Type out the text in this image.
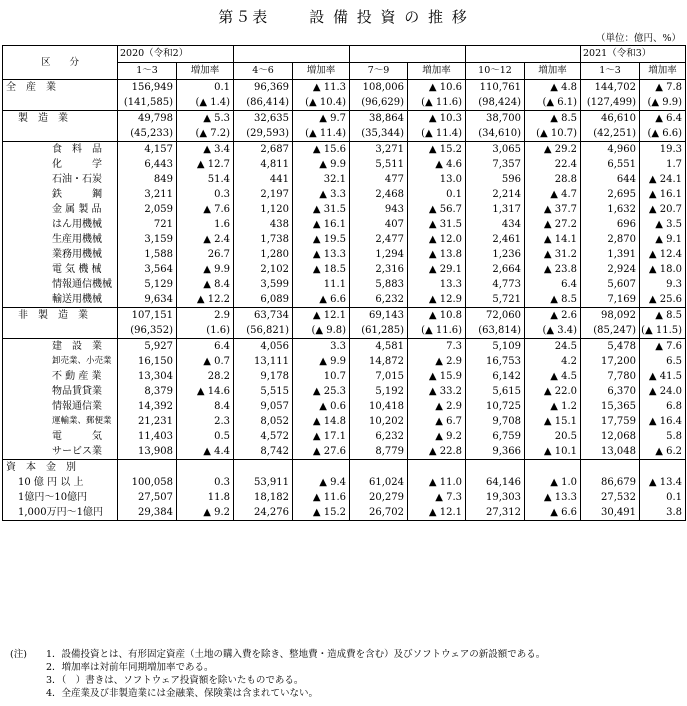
第５表	設 備 投 資 の 推 移
（単位：億円、%）
区　　分	2020（令和2）								2021（令和3）	
	1～3	増加率	4～6	増加率	7～9	増加率	10～12	増加率	1～3	増加率
全　産　業	156,949	0.1	96,369	▲ 11.3	108,006	▲ 10.6	110,761	▲ 4.8	144,702	▲ 7.8
	(141,585)	(▲ 1.4)	(86,414)	(▲ 10.4)	(96,629)	(▲ 11.6)	(98,424)	(▲ 6.1)	(127,499)	(▲ 9.9)
製　造　業	49,798	▲ 5.3	32,635	▲ 9.7	38,864	▲ 10.3	38,700	▲ 8.5	46,610	▲ 6.4
	(45,233)	(▲ 7.2)	(29,593)	(▲ 11.4)	(35,344)	(▲ 11.4)	(34,610)	(▲ 10.7)	(42,251)	(▲ 6.6)
食　料　品	4,157	▲ 3.4	2,687	▲ 15.6	3,271	▲ 15.2	3,065	▲ 29.2	4,960	19.3
化　　　学	6,443	▲ 12.7	4,811	▲ 9.9	5,511	▲ 4.6	7,357	22.4	6,551	1.7
石油・石炭	849	51.4	441	32.1	477	13.0	596	28.8	644	▲ 24.1
鉄　　　鋼	3,211	0.3	2,197	▲ 3.3	2,468	0.1	2,214	▲ 4.7	2,695	▲ 16.1
金 属 製 品	2,059	▲ 7.6	1,120	▲ 31.5	943	▲ 56.7	1,317	▲ 37.7	1,632	▲ 20.7
はん用機械	721	1.6	438	▲ 16.1	407	▲ 31.5	434	▲ 27.2	696	▲ 3.5
生産用機械	3,159	▲ 2.4	1,738	▲ 19.5	2,477	▲ 12.0	2,461	▲ 14.1	2,870	▲ 9.1
業務用機械	1,588	26.7	1,280	▲ 13.3	1,294	▲ 13.8	1,236	▲ 31.2	1,391	▲ 12.4
電 気 機 械	3,564	▲ 9.9	2,102	▲ 18.5	2,316	▲ 29.1	2,664	▲ 23.8	2,924	▲ 18.0
情報通信機械	5,129	▲ 8.4	3,599	11.1	5,883	13.3	4,773	6.4	5,607	9.3
輸送用機械	9,634	▲ 12.2	6,089	▲ 6.6	6,232	▲ 12.9	5,721	▲ 8.5	7,169	▲ 25.6
非　製　造　業	107,151	2.9	63,734	▲ 12.1	69,143	▲ 10.8	72,060	▲ 2.6	98,092	▲ 8.5
	(96,352)	(1.6)	(56,821)	(▲ 9.8)	(61,285)	(▲ 11.6)	(63,814)	(▲ 3.4)	(85,247)	(▲ 11.5)
建　設　業	5,927	6.4	4,056	3.3	4,581	7.3	5,109	24.5	5,478	▲ 7.6
卸売業、小売業	16,150	▲ 0.7	13,111	▲ 9.9	14,872	▲ 2.9	16,753	4.2	17,200	6.5
不 動 産 業	13,304	28.2	9,178	10.7	7,015	▲ 15.9	6,142	▲ 4.5	7,780	▲ 41.5
物品賃貸業	8,379	▲ 14.6	5,515	▲ 25.3	5,192	▲ 33.2	5,615	▲ 22.0	6,370	▲ 24.0
情報通信業	14,392	8.4	9,057	▲ 0.6	10,418	▲ 2.9	10,725	▲ 1.2	15,365	6.8
運輸業、郵便業	21,231	2.3	8,052	▲ 14.8	10,202	▲ 6.7	9,708	▲ 15.1	17,759	▲ 16.4
電　　　気	11,403	0.5	4,572	▲ 17.1	6,232	▲ 9.2	6,759	20.5	12,068	5.8
サービス業	13,908	▲ 4.4	8,742	▲ 27.6	8,779	▲ 22.8	9,366	▲ 10.1	13,048	▲ 6.2
資　本　金　別										
10 億 円 以 上	100,058	0.3	53,911	▲ 9.4	61,024	▲ 11.0	64,146	▲ 1.0	86,679	▲ 13.4
1億円～10億円	27,507	11.8	18,182	▲ 11.6	20,279	▲ 7.3	19,303	▲ 13.3	27,532	0.1
1,000万円～1億円	29,384	▲ 9.2	24,276	▲ 15.2	26,702	▲ 12.1	27,312	▲ 6.6	30,491	3.8
(注) 1．設備投資とは、有形固定資産（土地の購入費を除き、整地費・造成費を含む）及びソフトウェアの新設額である。
2．増加率は対前年同期増加率である。
3．（　）書きは、ソフトウェア投資額を除いたものである。
4．全産業及び非製造業には金融業、保険業は含まれていない。
